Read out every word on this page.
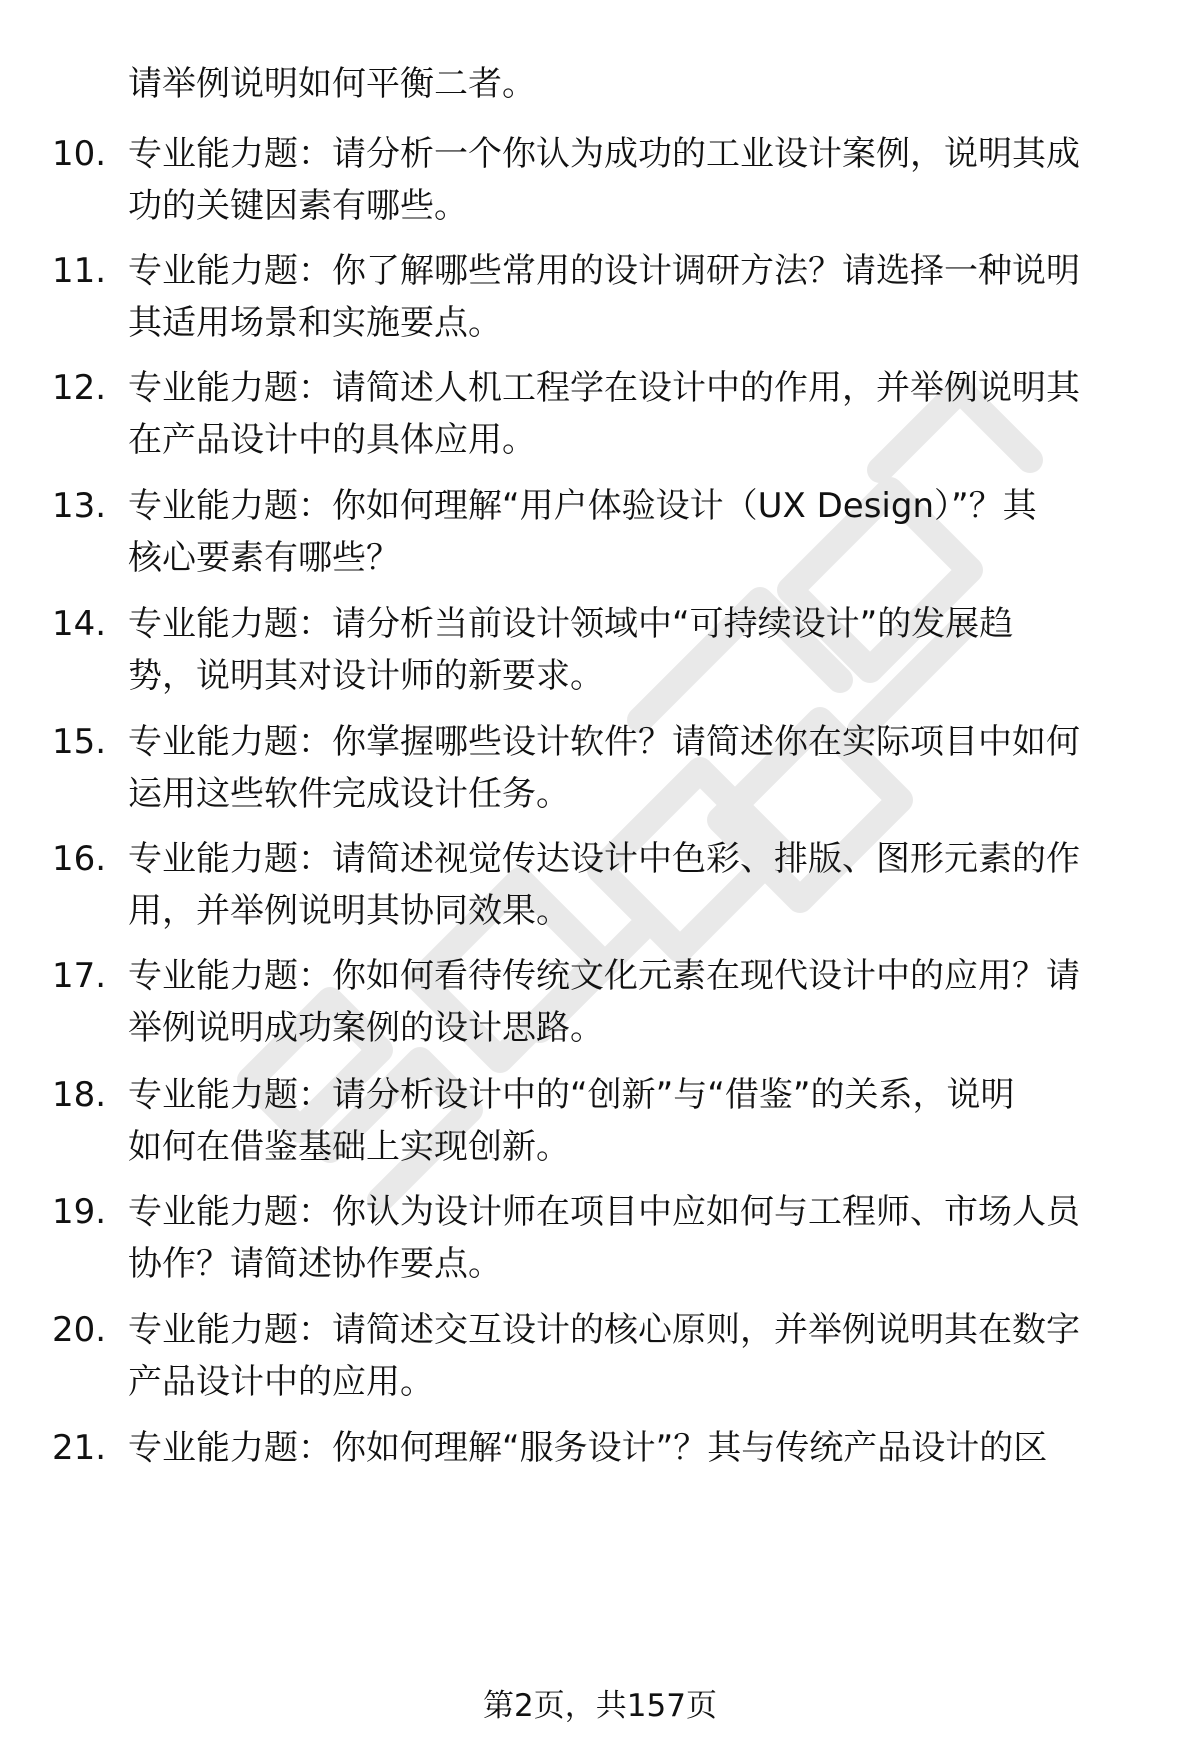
请举例说明如何平衡二者。
10. 专业能力题：请分析一个你认为成功的工业设计案例，说明其成
功的关键因素有哪些。
11. 专业能力题：你了解哪些常用的设计调研方法？请选择一种说明
其适用场景和实施要点。
12. 专业能力题：请简述人机工程学在设计中的作用，并举例说明其
在产品设计中的具体应用。
13. 专业能力题：你如何理解“用户体验设计（UX Design）”？其
核心要素有哪些？
14. 专业能力题：请分析当前设计领域中“可持续设计”的发展趋
势，说明其对设计师的新要求。
15. 专业能力题：你掌握哪些设计软件？请简述你在实际项目中如何
运用这些软件完成设计任务。
16. 专业能力题：请简述视觉传达设计中色彩、排版、图形元素的作
用，并举例说明其协同效果。
17. 专业能力题：你如何看待传统文化元素在现代设计中的应用？请
举例说明成功案例的设计思路。
18. 专业能力题：请分析设计中的“创新”与“借鉴”的关系，说明
如何在借鉴基础上实现创新。
19. 专业能力题：你认为设计师在项目中应如何与工程师、市场人员
协作？请简述协作要点。
20. 专业能力题：请简述交互设计的核心原则，并举例说明其在数字
产品设计中的应用。
21. 专业能力题：你如何理解“服务设计”？其与传统产品设计的区
第2页，共157页
